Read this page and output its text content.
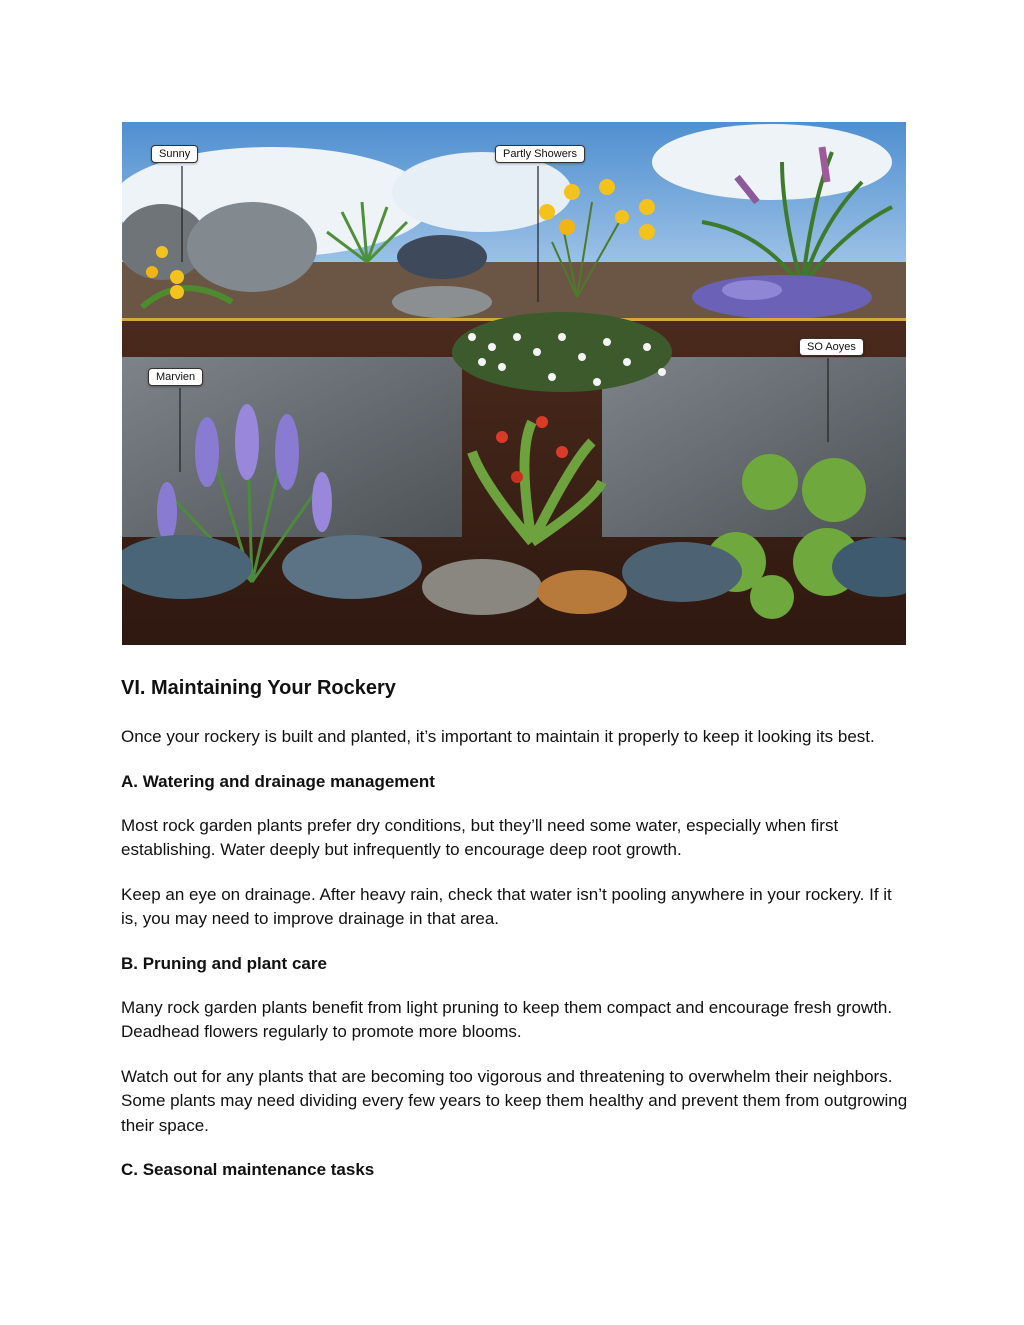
Sunny	Partly Showers
Marvien
SO Aoyes
VI. Maintaining Your Rockery

Once your rockery is built and planted, it’s important to maintain it properly to keep it looking its best.

A. Watering and drainage management

Most rock garden plants prefer dry conditions, but they’ll need some water, especially when first establishing. Water deeply but infrequently to encourage deep root growth.

Keep an eye on drainage. After heavy rain, check that water isn’t pooling anywhere in your rockery. If it is, you may need to improve drainage in that area.

B. Pruning and plant care

Many rock garden plants benefit from light pruning to keep them compact and encourage fresh growth. Deadhead flowers regularly to promote more blooms.

Watch out for any plants that are becoming too vigorous and threatening to overwhelm their neighbors. Some plants may need dividing every few years to keep them healthy and prevent them from outgrowing their space.

C. Seasonal maintenance tasks
